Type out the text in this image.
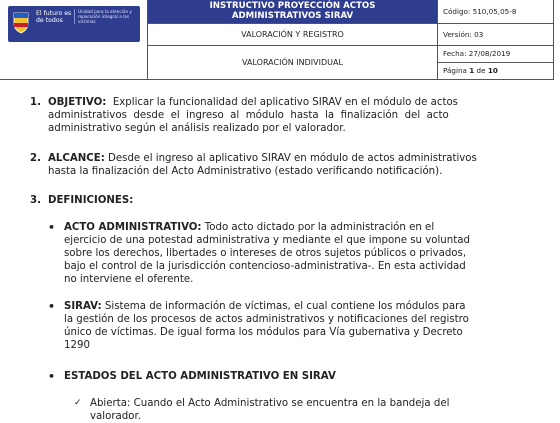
El futuro es de todos
Unidad para la atención y reparación integral a las víctimas
INSTRUCTIVO PROYECCIÓN ACTOS
ADMINISTRATIVOS SIRAV	Código: 510,05,05-8
VALORACIÓN Y REGISTRO	Versión: 03
VALORACIÓN INDIVIDUAL
Fecha: 27/08/2019
Página 1 de 10
1. OBJETIVO: Explicar la funcionalidad del aplicativo SIRAV en el módulo de actos
administrativos  desde  el  ingreso  al  módulo  hasta  la  finalización  del  acto
administrativo según el análisis realizado por el valorador.
2. ALCANCE: Desde el ingreso al aplicativo SIRAV en módulo de actos administrativos
hasta la finalización del Acto Administrativo (estado verificando notificación).
3. DEFINICIONES:
• ACTO ADMINISTRATIVO: Todo acto dictado por la administración en el
ejercicio de una potestad administrativa y mediante el que impone su voluntad
sobre los derechos, libertades o intereses de otros sujetos públicos o privados,
bajo el control de la jurisdicción contencioso-administrativa-. En esta actividad
no interviene el oferente.
• SIRAV: Sistema de información de víctimas, el cual contiene los módulos para
la gestión de los procesos de actos administrativos y notificaciones del registro
único de víctimas. De igual forma los módulos para Vía gubernativa y Decreto
1290
• ESTADOS DEL ACTO ADMINISTRATIVO EN SIRAV
✓ Abierta: Cuando el Acto Administrativo se encuentra en la bandeja del
valorador.
